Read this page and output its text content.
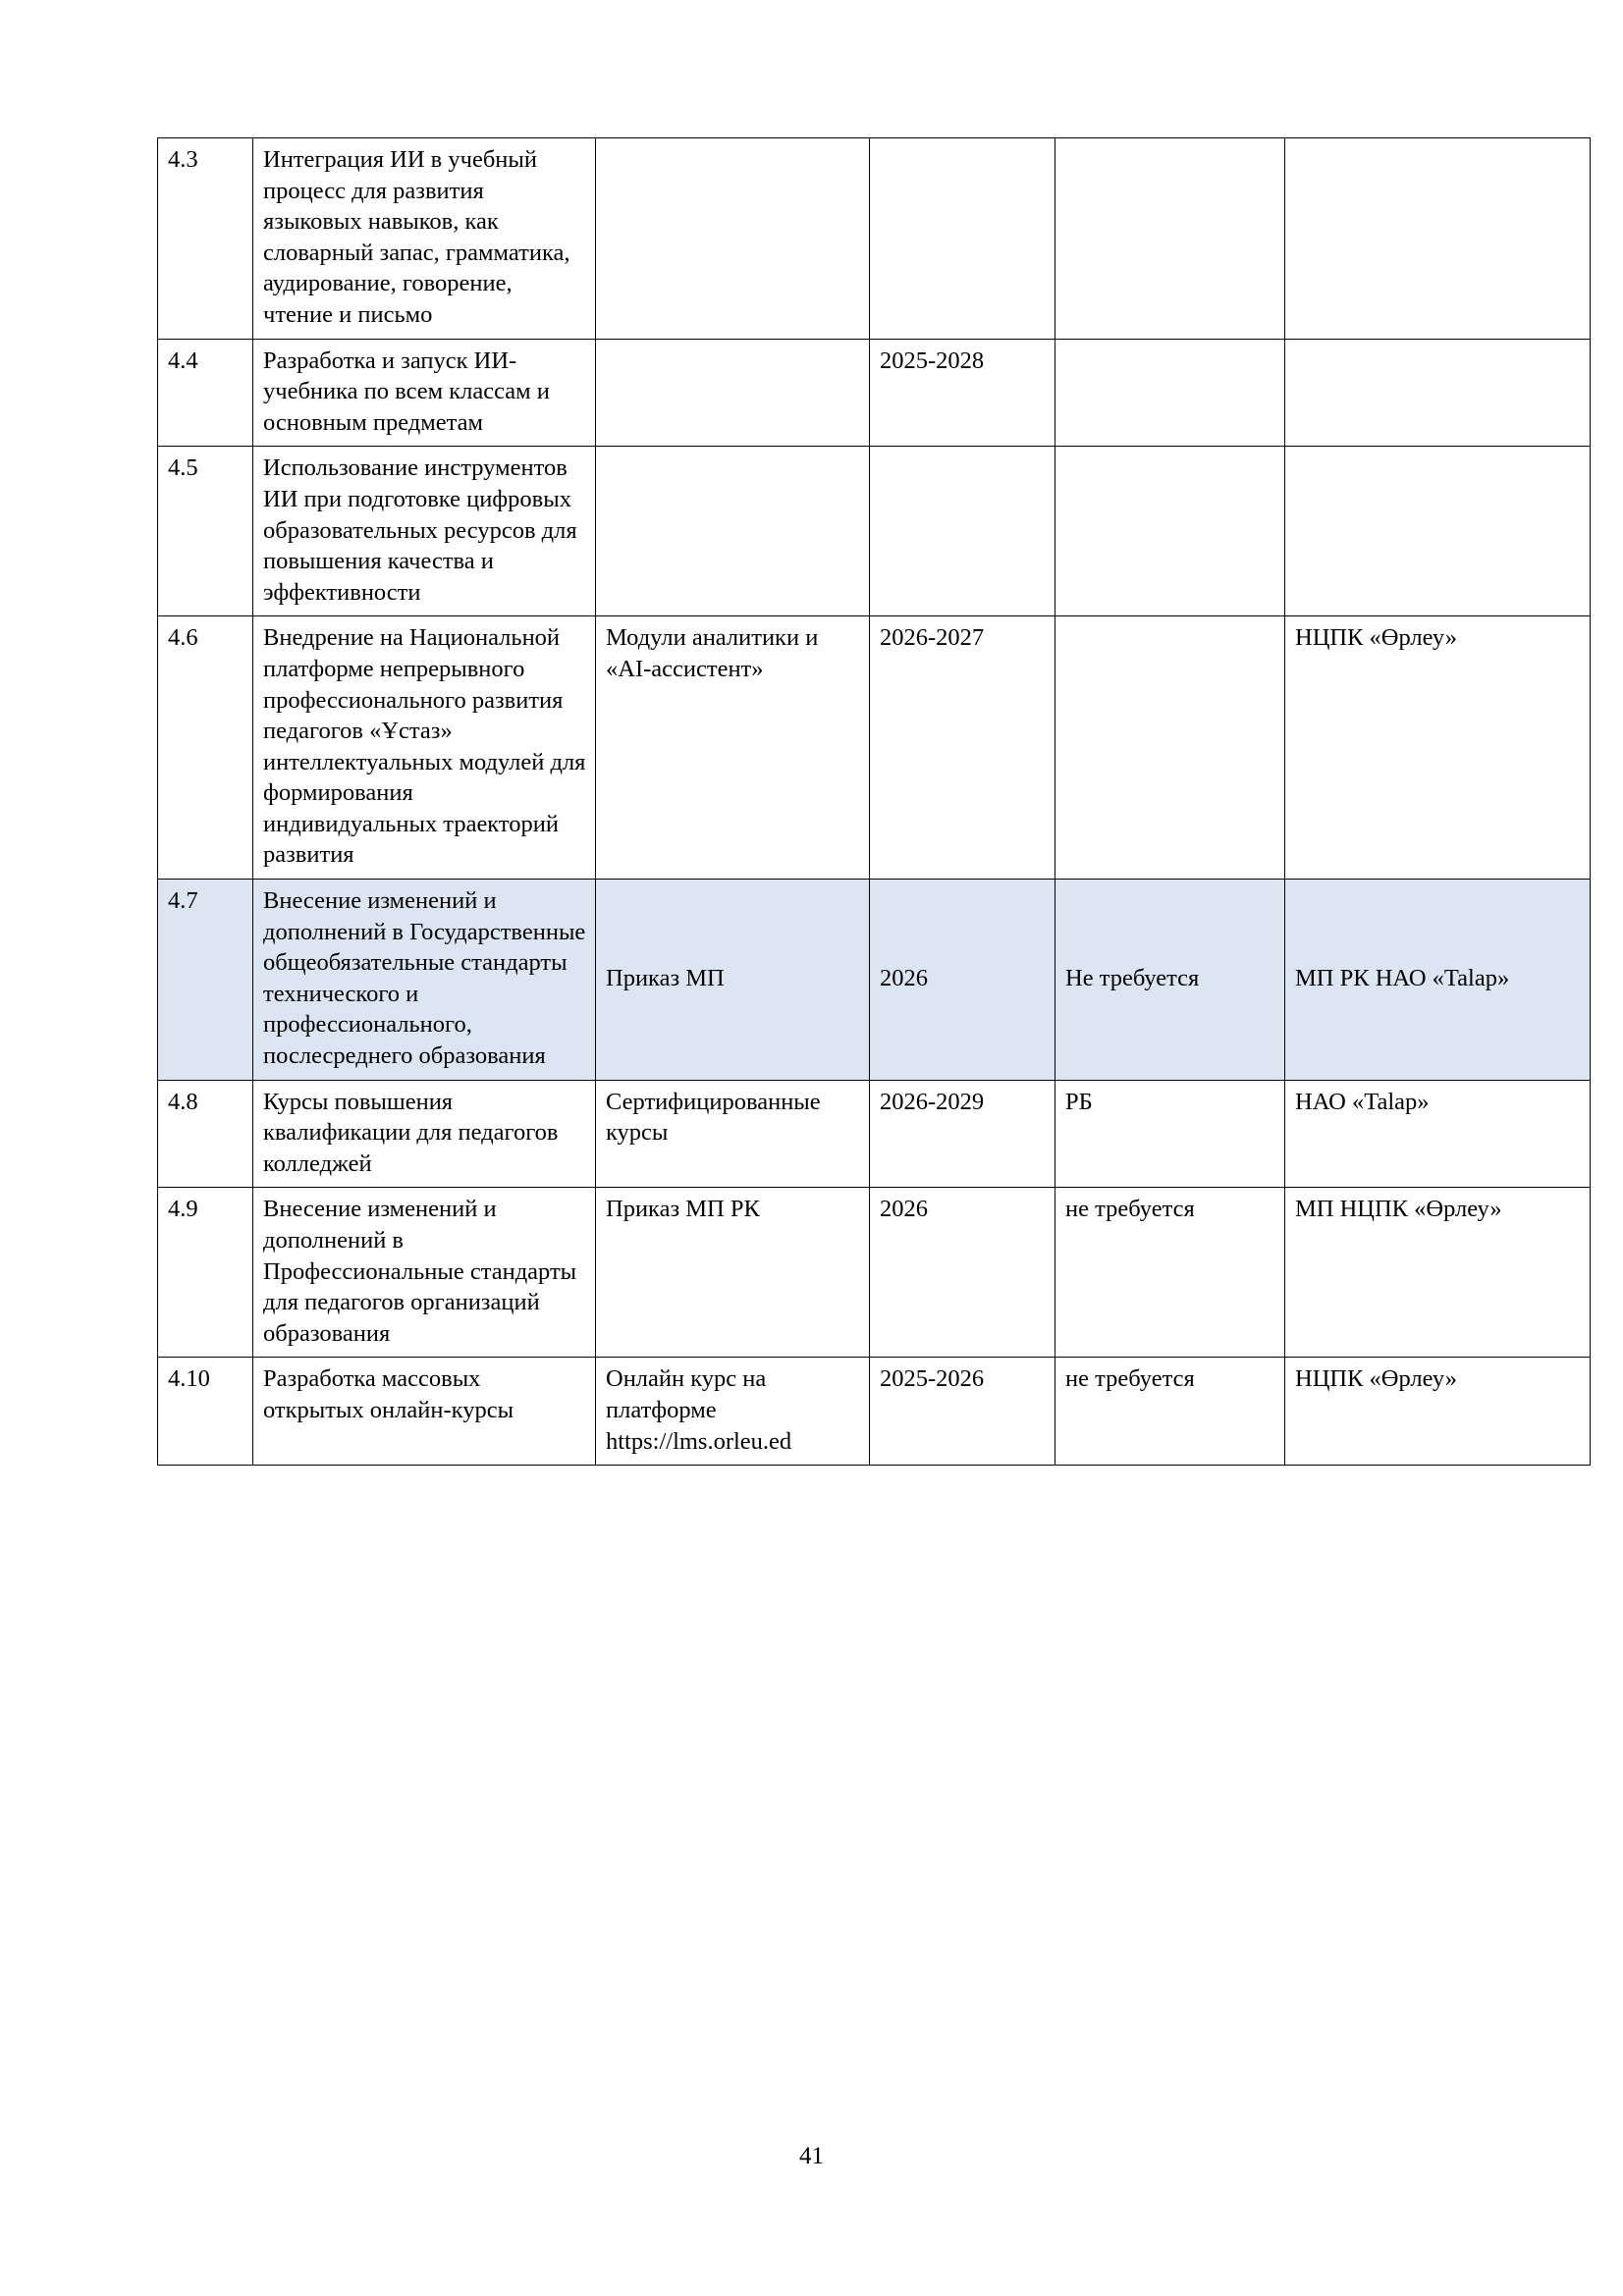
4.3	Интеграция ИИ в учебный процесс для развития языковых навыков, как словарный запас, грамматика, аудирование, говорение, чтение и письмо				
4.4	Разработка и запуск ИИ-учебника по всем классам и основным предметам		2025-2028		
4.5	Использование инструментов ИИ при подготовке цифровых образовательных ресурсов для повышения качества и эффективности				
4.6	Внедрение на Национальной платформе непрерывного профессионального развития педагогов «Ұстаз» интеллектуальных модулей для формирования индивидуальных траекторий развития	Модули аналитики и «AI-ассистент»	2026-2027		НЦПК «Өрлеу»
4.7	Внесение изменений и дополнений в Государственные общеобязательные стандарты технического и профессионального, послесреднего образования	Приказ МП	2026	Не требуется	МП РК НАО «Talap»
4.8	Курсы повышения квалификации для педагогов колледжей	Сертифицированные курсы	2026-2029	РБ	НАО «Talap»
4.9	Внесение изменений и дополнений в Профессиональные стандарты для педагогов организаций образования	Приказ МП РК	2026	не требуется	МП НЦПК «Өрлеу»
4.10	Разработка массовых открытых онлайн-курсы	Онлайн курс на платформе https://lms.orleu.ed	2025-2026	не требуется	НЦПК «Өрлеу»
41
